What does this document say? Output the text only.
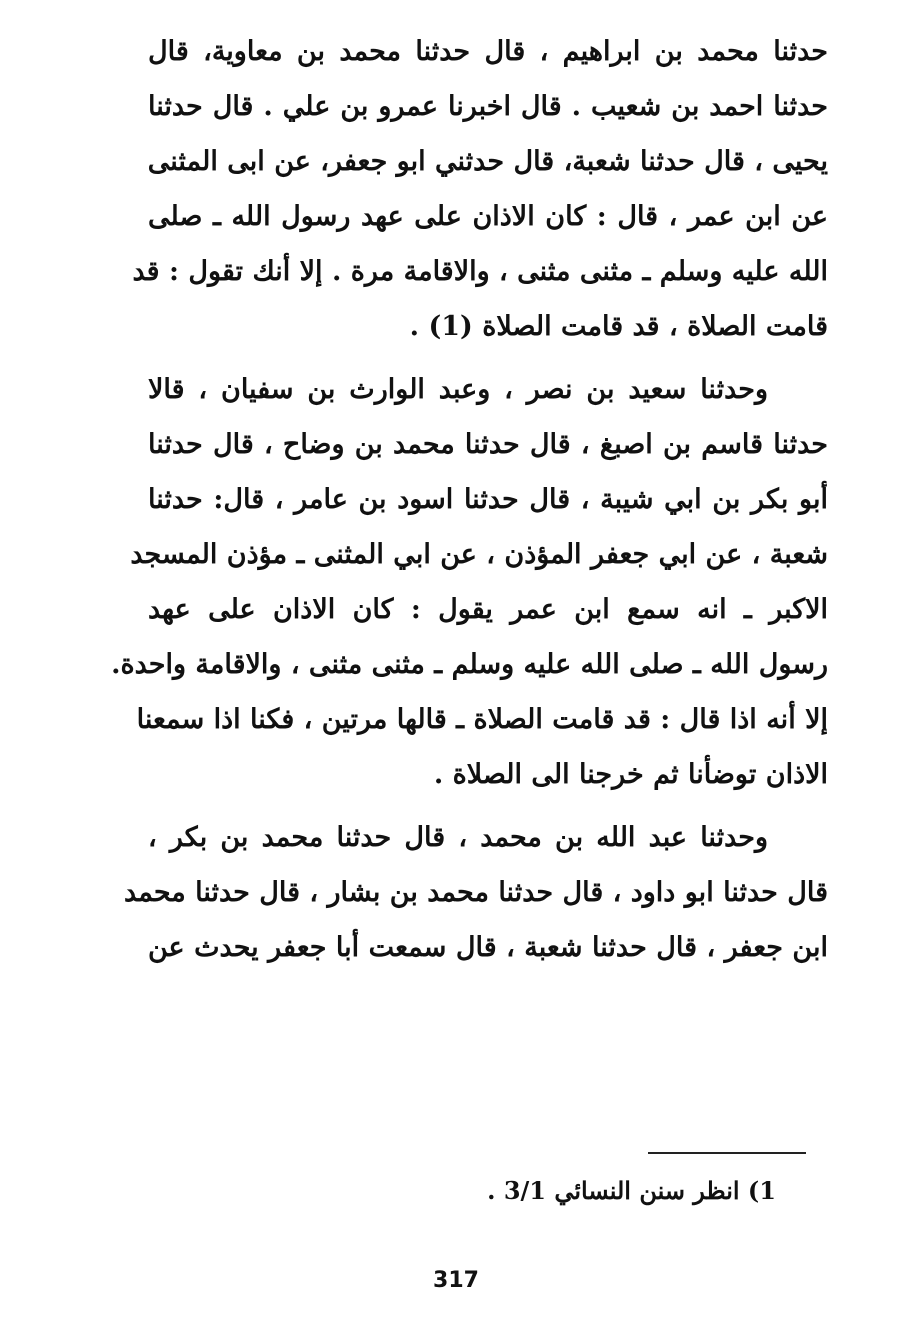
حدثنا محمد بن ابراهيم ، قال حدثنا محمد بن معاوية، قال
حدثنا احمد بن شعيب . قال اخبرنا عمرو بن علي . قال حدثنا
يحيى ، قال حدثنا شعبة، قال حدثني ابو جعفر، عن ابى المثنى
عن ابن عمر ، قال : كان الاذان على عهد رسول الله ـ صلى
الله عليه وسلم ـ مثنى مثنى ، والاقامة مرة . إلا أنك تقول : قد
قامت الصلاة ، قد قامت الصلاة (1) .
وحدثنا سعيد بن نصر ، وعبد الوارث بن سفيان ، قالا
حدثنا قاسم بن اصبغ ، قال حدثنا محمد بن وضاح ، قال حدثنا
أبو بكر بن ابي شيبة ، قال حدثنا اسود بن عامر ، قال: حدثنا
شعبة ، عن ابي جعفر المؤذن ، عن ابي المثنى ـ مؤذن المسجد
الاكبر ـ انه سمع ابن عمر يقول : كان الاذان على عهد
رسول الله ـ صلى الله عليه وسلم ـ مثنى مثنى ، والاقامة واحدة.
إلا أنه اذا قال : قد قامت الصلاة ـ قالها مرتين ، فكنا اذا سمعنا
الاذان توضأنا ثم خرجنا الى الصلاة .
وحدثنا عبد الله بن محمد ، قال حدثنا محمد بن بكر ،
قال حدثنا ابو داود ، قال حدثنا محمد بن بشار ، قال حدثنا محمد
ابن جعفر ، قال حدثنا شعبة ، قال سمعت أبا جعفر يحدث عن
1) انظر سنن النسائي 3/1 .
317
